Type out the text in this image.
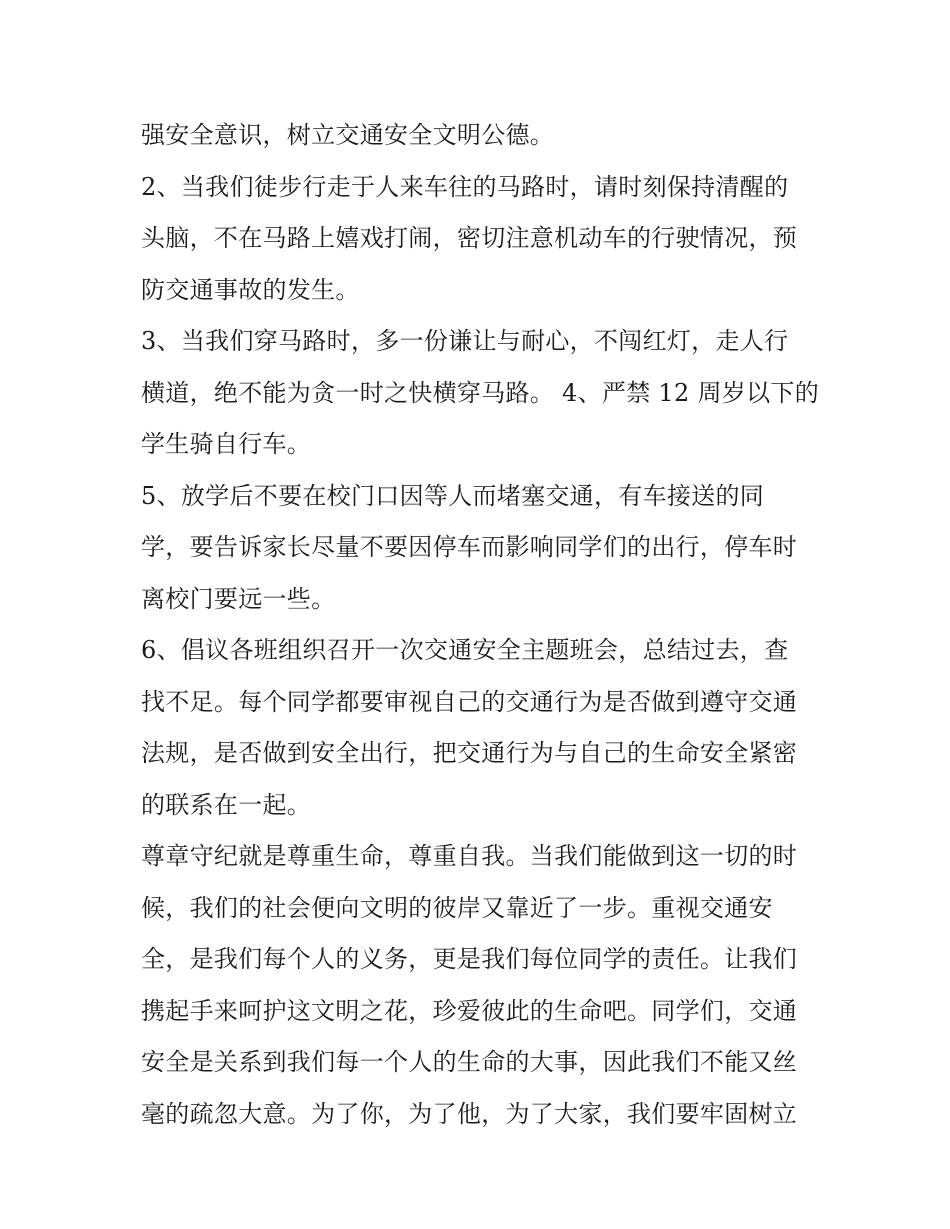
强安全意识，树立交通安全文明公德。
2、当我们徒步行走于人来车往的马路时，请时刻保持清醒的
头脑，不在马路上嬉戏打闹，密切注意机动车的行驶情况，预
防交通事故的发生。
3、当我们穿马路时，多一份谦让与耐心，不闯红灯，走人行
横道，绝不能为贪一时之快横穿马路。 4、严禁 12 周岁以下的
学生骑自行车。
5、放学后不要在校门口因等人而堵塞交通，有车接送的同
学，要告诉家长尽量不要因停车而影响同学们的出行，停车时
离校门要远一些。
6、倡议各班组织召开一次交通安全主题班会，总结过去，查
找不足。每个同学都要审视自己的交通行为是否做到遵守交通
法规，是否做到安全出行，把交通行为与自己的生命安全紧密
的联系在一起。
尊章守纪就是尊重生命，尊重自我。当我们能做到这一切的时
候，我们的社会便向文明的彼岸又靠近了一步。重视交通安
全，是我们每个人的义务，更是我们每位同学的责任。让我们
携起手来呵护这文明之花，珍爱彼此的生命吧。同学们，交通
安全是关系到我们每一个人的生命的大事，因此我们不能又丝
毫的疏忽大意。为了你，为了他，为了大家，我们要牢固树立
